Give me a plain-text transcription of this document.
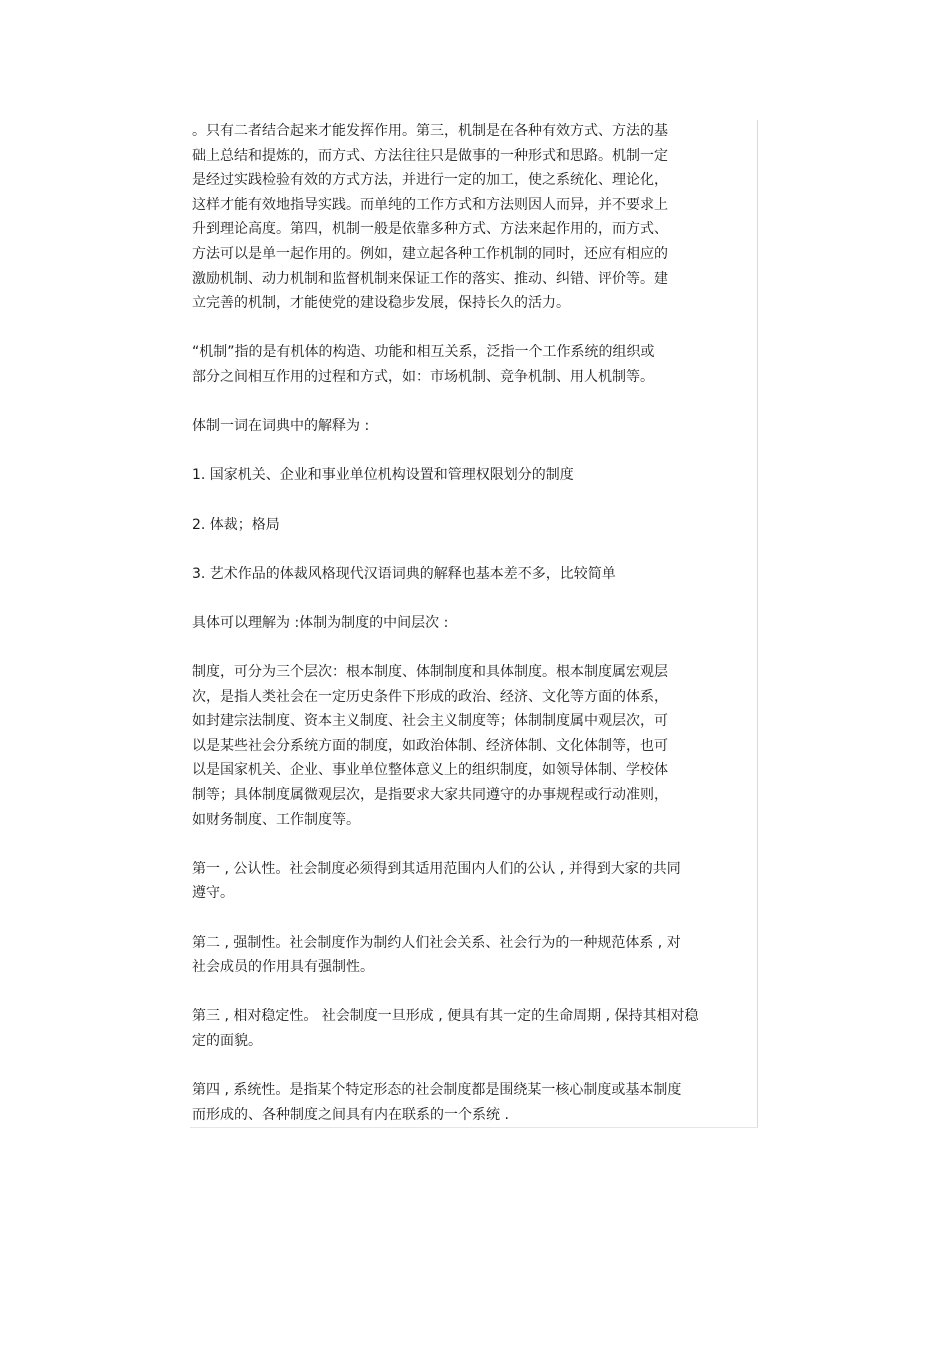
。只有二者结合起来才能发挥作用。第三，机制是在各种有效方式、方法的基
础上总结和提炼的，而方式、方法往往只是做事的一种形式和思路。机制一定
是经过实践检验有效的方式方法，并进行一定的加工，使之系统化、理论化，
这样才能有效地指导实践。而单纯的工作方式和方法则因人而异，并不要求上
升到理论高度。第四，机制一般是依靠多种方式、方法来起作用的，而方式、
方法可以是单一起作用的。例如，建立起各种工作机制的同时，还应有相应的
激励机制、动力机制和监督机制来保证工作的落实、推动、纠错、评价等。建
立完善的机制，才能使党的建设稳步发展，保持长久的活力。
“机制”指的是有机体的构造、功能和相互关系，泛指一个工作系统的组织或
部分之间相互作用的过程和方式，如：市场机制、竞争机制、用人机制等。
体制一词在词典中的解释为 :
1. 国家机关、企业和事业单位机构设置和管理权限划分的制度
2. 体裁；格局
3. 艺术作品的体裁风格现代汉语词典的解释也基本差不多，比较简单
具体可以理解为 :体制为制度的中间层次 :
制度，可分为三个层次：根本制度、体制制度和具体制度。根本制度属宏观层
次，是指人类社会在一定历史条件下形成的政治、经济、文化等方面的体系，
如封建宗法制度、资本主义制度、社会主义制度等；体制制度属中观层次，可
以是某些社会分系统方面的制度，如政治体制、经济体制、文化体制等，也可
以是国家机关、企业、事业单位整体意义上的组织制度，如领导体制、学校体
制等；具体制度属微观层次，是指要求大家共同遵守的办事规程或行动准则，
如财务制度、工作制度等。
第一 , 公认性。社会制度必须得到其适用范围内人们的公认 , 并得到大家的共同
遵守。
第二 , 强制性。社会制度作为制约人们社会关系、社会行为的一种规范体系 , 对
社会成员的作用具有强制性。
第三 , 相对稳定性。 社会制度一旦形成 , 便具有其一定的生命周期 , 保持其相对稳
定的面貌。
第四 , 系统性。是指某个特定形态的社会制度都是围绕某一核心制度或基本制度
而形成的、各种制度之间具有内在联系的一个系统 .
